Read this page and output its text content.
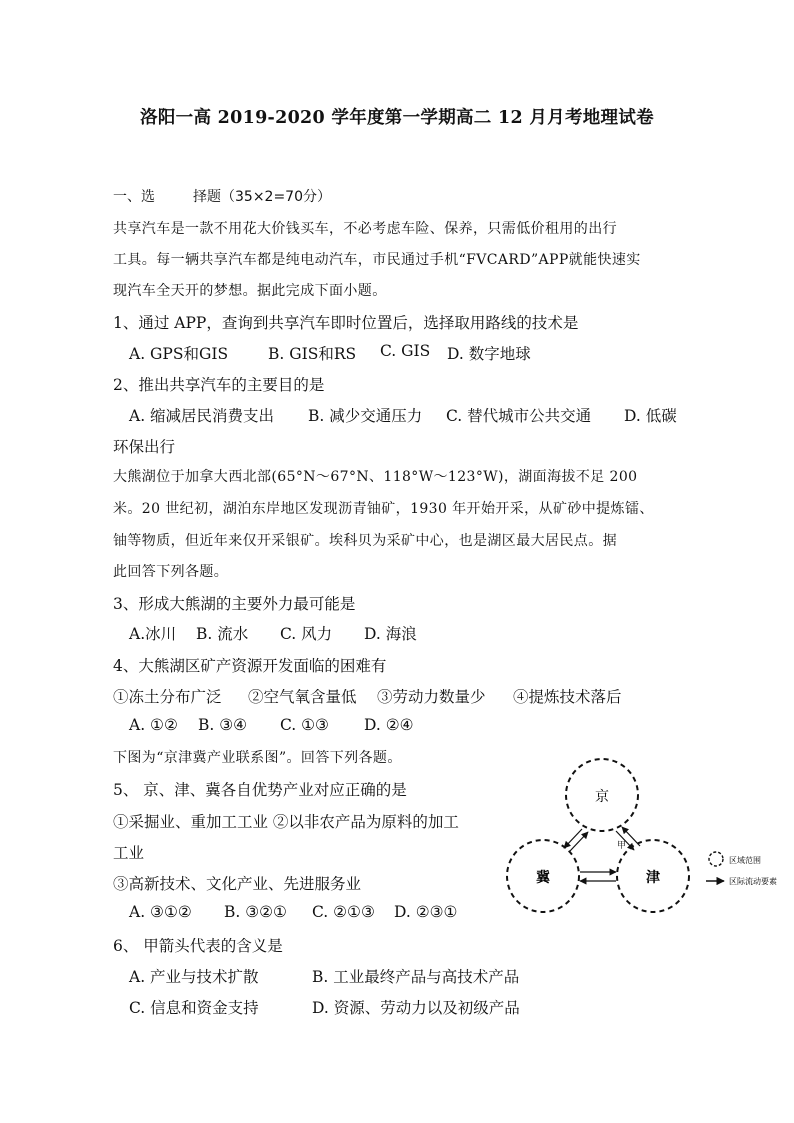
洛阳一高 2019-2020 学年度第一学期高二 12 月月考地理试卷
一、选	择题（35×2=70分）
共享汽车是一款不用花大价钱买车，不必考虑车险、保养，只需低价租用的出行
工具。每一辆共享汽车都是纯电动汽车，市民通过手机“FVCARD”APP就能快速实
现汽车全天开的梦想。据此完成下面小题。
1、通过 APP，查询到共享汽车即时位置后，选择取用路线的技术是
A. GPS和GIS	B. GIS和RS C. GIS D. 数字地球
2、推出共享汽车的主要目的是
A. 缩减居民消费支出 B. 减少交通压力 C. 替代城市公共交通 D. 低碳
环保出行
大熊湖位于加拿大西北部(65°N～67°N、118°W～123°W)，湖面海拔不足 200
米。20 世纪初，湖泊东岸地区发现沥青铀矿，1930 年开始开采，从矿砂中提炼镭、
铀等物质，但近年来仅开采银矿。埃科贝为采矿中心，也是湖区最大居民点。据
此回答下列各题。
3、形成大熊湖的主要外力最可能是
A.冰川 B. 流水 C. 风力 D. 海浪
4、大熊湖区矿产资源开发面临的困难有
①冻土分布广泛 ②空气氧含量低 ③劳动力数量少 ④提炼技术落后
A. ①② B. ③④ C. ①③ D. ②④
下图为“京津冀产业联系图”。回答下列各题。
5、 京、津、冀各自优势产业对应正确的是
①采掘业、重加工工业 ②以非农产品为原料的加工
工业
③高新技术、文化产业、先进服务业
A. ③①② B. ③②① C. ②①③ D. ②③①
6、 甲箭头代表的含义是
A. 产业与技术扩散	B. 工业最终产品与高技术产品
C. 信息和资金支持	D. 资源、劳动力以及初级产品
京
冀	津
甲
区域范围
区际流动要素
